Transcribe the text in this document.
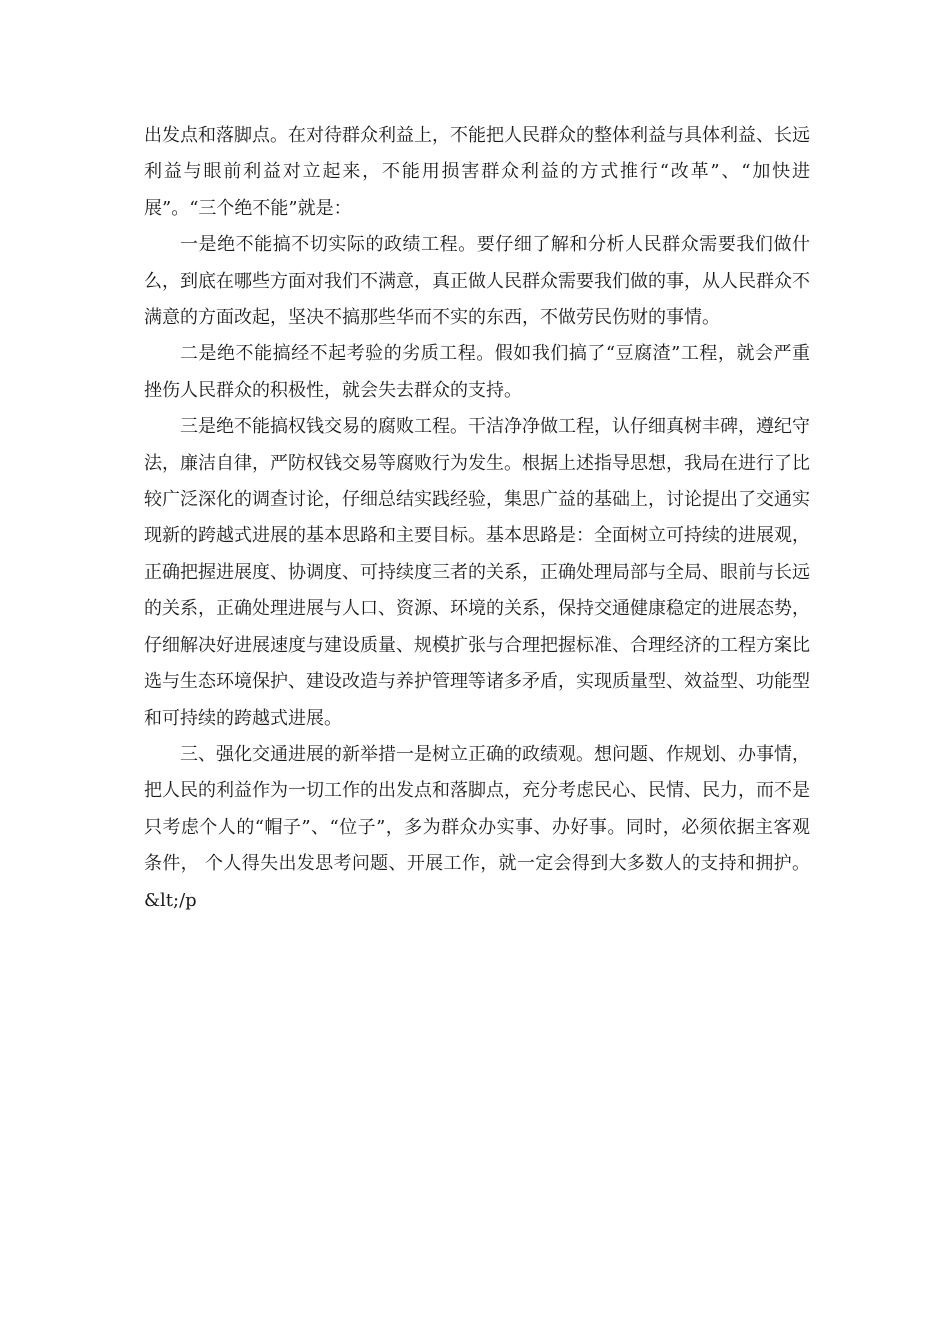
出发点和落脚点。在对待群众利益上，不能把人民群众的整体利益与具体利益、长远利益与眼前利益对立起来，不能用损害群众利益的方式推行“改革”、“加快进展”。“三个绝不能”就是：

一是绝不能搞不切实际的政绩工程。要仔细了解和分析人民群众需要我们做什么，到底在哪些方面对我们不满意，真正做人民群众需要我们做的事，从人民群众不满意的方面改起，坚决不搞那些华而不实的东西，不做劳民伤财的事情。

二是绝不能搞经不起考验的劣质工程。假如我们搞了“豆腐渣”工程，就会严重挫伤人民群众的积极性，就会失去群众的支持。

三是绝不能搞权钱交易的腐败工程。干洁净净做工程，认仔细真树丰碑，遵纪守法，廉洁自律，严防权钱交易等腐败行为发生。根据上述指导思想，我局在进行了比较广泛深化的调查讨论，仔细总结实践经验，集思广益的基础上，讨论提出了交通实现新的跨越式进展的基本思路和主要目标。基本思路是：全面树立可持续的进展观，正确把握进展度、协调度、可持续度三者的关系，正确处理局部与全局、眼前与长远的关系，正确处理进展与人口、资源、环境的关系，保持交通健康稳定的进展态势，仔细解决好进展速度与建设质量、规模扩张与合理把握标准、合理经济的工程方案比选与生态环境保护、建设改造与养护管理等诸多矛盾，实现质量型、效益型、功能型和可持续的跨越式进展。

三、强化交通进展的新举措一是树立正确的政绩观。想问题、作规划、办事情，把人民的利益作为一切工作的出发点和落脚点，充分考虑民心、民情、民力，而不是只考虑个人的“帽子”、“位子”，多为群众办实事、办好事。同时，必须依据主客观条件， 个人得失出发思考问题、开展工作，就一定会得到大多数人的支持和拥护。&lt;/p
